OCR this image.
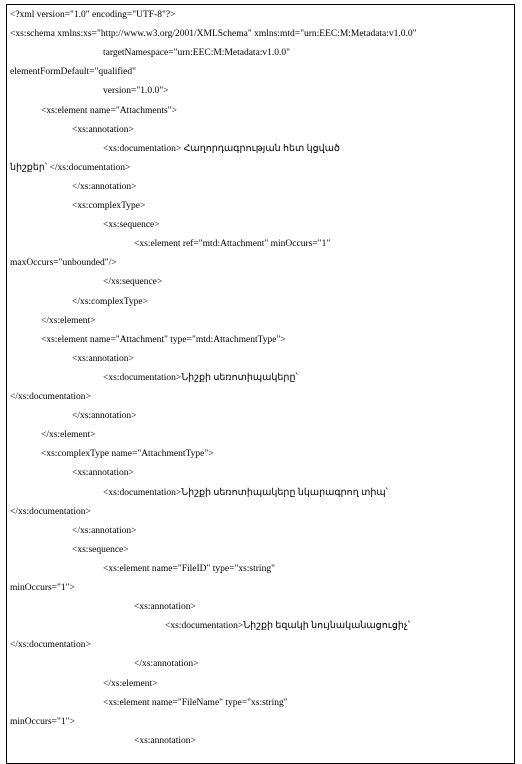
<?xml version="1.0" encoding="UTF-8"?>
<xs:schema xmlns:xs="http://www.w3.org/2001/XMLSchema" xmlns:mtd="urn:EEC:M:Metadata:v1.0.0"
targetNamespace="urn:EEC:M:Metadata:v1.0.0"
elementFormDefault="qualified"
version="1.0.0">
<xs:element name="Attachments">
<xs:annotation>
<xs:documentation> Հաղորդագրության հետ կցված
նիշքեր՝ </xs:documentation>
</xs:annotation>
<xs:complexType>
<xs:sequence>
<xs:element ref="mtd:Attachment" minOccurs="1"
maxOccurs="unbounded"/>
</xs:sequence>
</xs:complexType>
</xs:element>
<xs:element name="Attachment" type="mtd:AttachmentType">
<xs:annotation>
<xs:documentation>Նիշքի սեռոտիպակերը՝
</xs:documentation>
</xs:annotation>
</xs:element>
<xs:complexType name="AttachmentType">
<xs:annotation>
<xs:documentation>Նիշքի սեռոտիպակերը նկարագրող տիպ՝
</xs:documentation>
</xs:annotation>
<xs:sequence>
<xs:element name="FileID" type="xs:string"
minOccurs="1">
<xs:annotation>
<xs:documentation>Նիշքի եզակի նույնականացուցիչ՝
</xs:documentation>
</xs:annotation>
</xs:element>
<xs:element name="FileName" type="xs:string"
minOccurs="1">
<xs:annotation>
